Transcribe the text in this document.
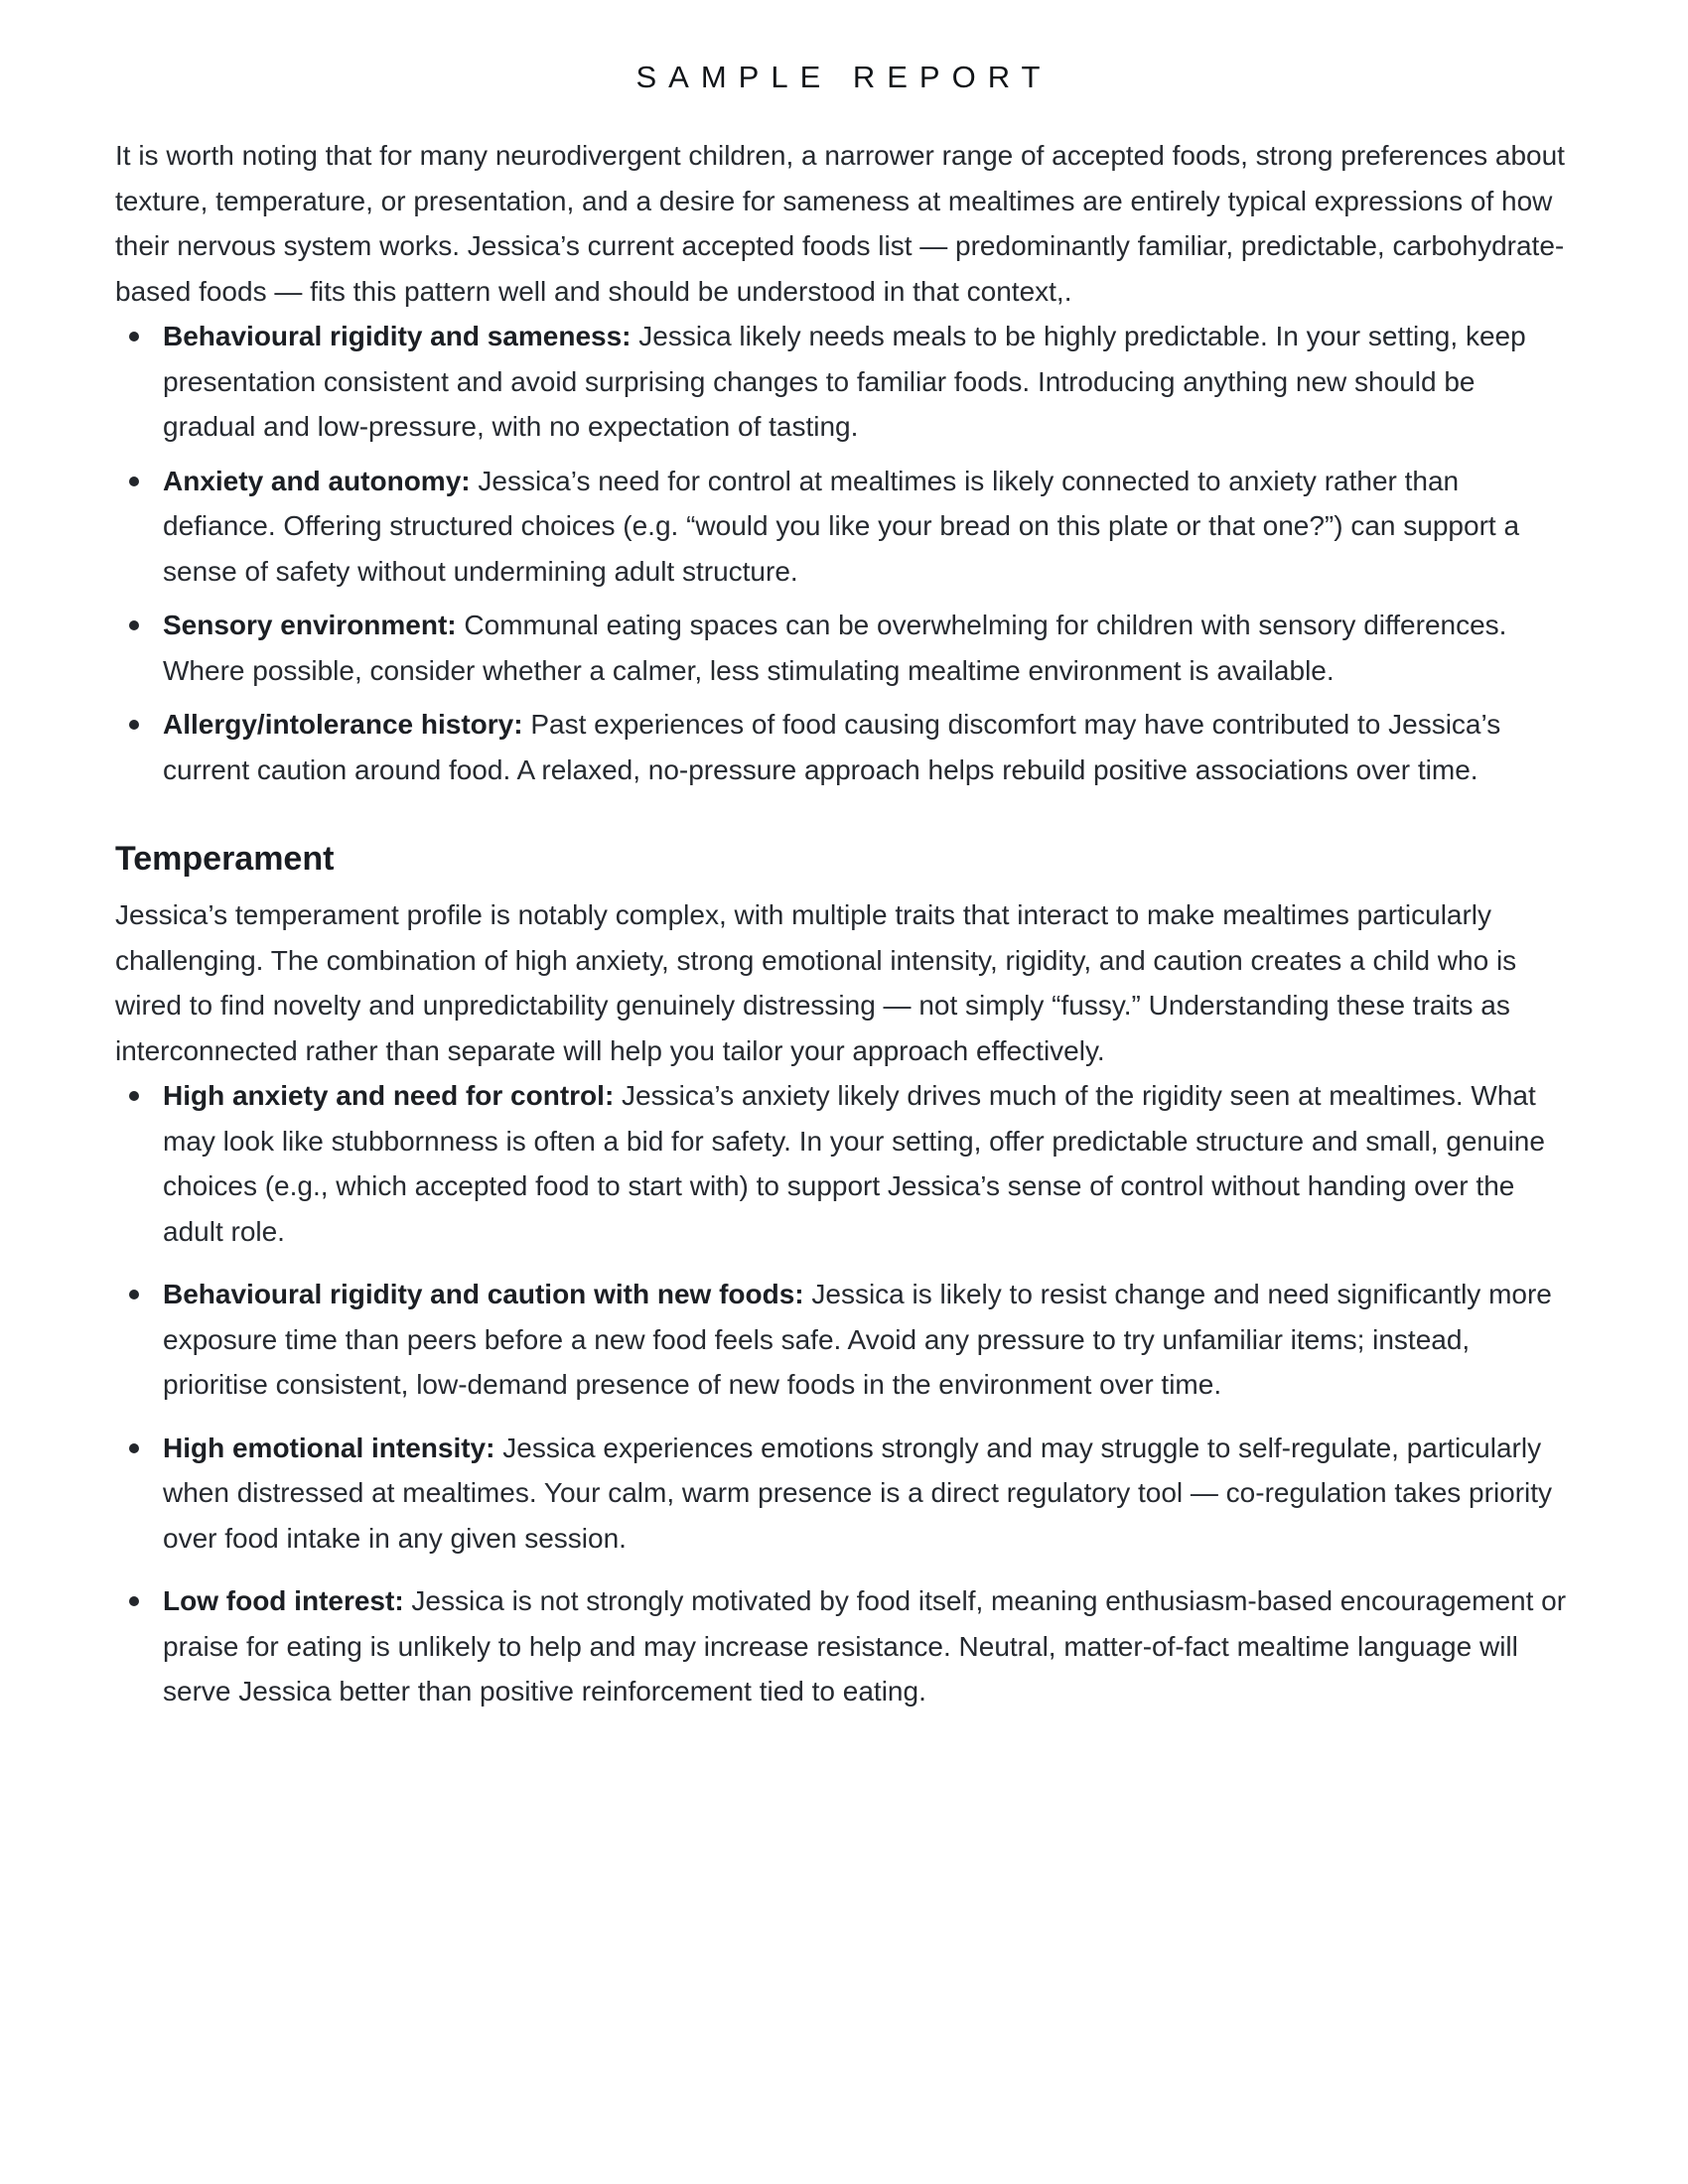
SAMPLE REPORT

It is worth noting that for many neurodivergent children, a narrower range of accepted foods, strong preferences about texture, temperature, or presentation, and a desire for sameness at mealtimes are entirely typical expressions of how their nervous system works. Jessica’s current accepted foods list — predominantly familiar, predictable, carbohydrate-based foods — fits this pattern well and should be understood in that context,.

Behavioural rigidity and sameness: Jessica likely needs meals to be highly predictable. In your setting, keep presentation consistent and avoid surprising changes to familiar foods. Introducing anything new should be gradual and low-pressure, with no expectation of tasting.
Anxiety and autonomy: Jessica’s need for control at mealtimes is likely connected to anxiety rather than defiance. Offering structured choices (e.g. “would you like your bread on this plate or that one?”) can support a sense of safety without undermining adult structure.
Sensory environment: Communal eating spaces can be overwhelming for children with sensory differences. Where possible, consider whether a calmer, less stimulating mealtime environment is available.
Allergy/intolerance history: Past experiences of food causing discomfort may have contributed to Jessica’s current caution around food. A relaxed, no-pressure approach helps rebuild positive associations over time.
Temperament

Jessica’s temperament profile is notably complex, with multiple traits that interact to make mealtimes particularly challenging. The combination of high anxiety, strong emotional intensity, rigidity, and caution creates a child who is wired to find novelty and unpredictability genuinely distressing — not simply “fussy.” Understanding these traits as interconnected rather than separate will help you tailor your approach effectively.

High anxiety and need for control: Jessica’s anxiety likely drives much of the rigidity seen at mealtimes. What may look like stubbornness is often a bid for safety. In your setting, offer predictable structure and small, genuine choices (e.g., which accepted food to start with) to support Jessica’s sense of control without handing over the adult role.
Behavioural rigidity and caution with new foods: Jessica is likely to resist change and need significantly more exposure time than peers before a new food feels safe. Avoid any pressure to try unfamiliar items; instead, prioritise consistent, low-demand presence of new foods in the environment over time.
High emotional intensity: Jessica experiences emotions strongly and may struggle to self-regulate, particularly when distressed at mealtimes. Your calm, warm presence is a direct regulatory tool — co-regulation takes priority over food intake in any given session.
Low food interest: Jessica is not strongly motivated by food itself, meaning enthusiasm-based encouragement or praise for eating is unlikely to help and may increase resistance. Neutral, matter-of-fact mealtime language will serve Jessica better than positive reinforcement tied to eating.
